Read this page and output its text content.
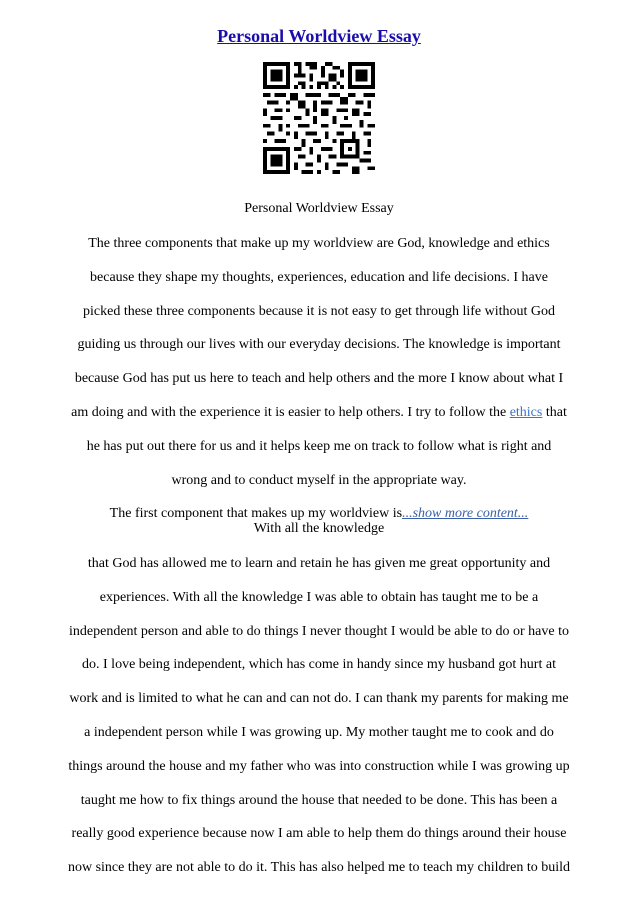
Personal Worldview Essay
Personal Worldview Essay
The three components that make up my worldview are God, knowledge and ethics
because they shape my thoughts, experiences, education and life decisions. I have
picked these three components because it is not easy to get through life without God
guiding us through our lives with our everyday decisions. The knowledge is important
because God has put us here to teach and help others and the more I know about what I
am doing and with the experience it is easier to help others. I try to follow the ethics that
he has put out there for us and it helps keep me on track to follow what is right and
wrong and to conduct myself in the appropriate way.
The first component that makes up my worldview is...show more content...
With all the knowledge
that God has allowed me to learn and retain he has given me great opportunity and
experiences. With all the knowledge I was able to obtain has taught me to be a
independent person and able to do things I never thought I would be able to do or have to
do. I love being independent, which has come in handy since my husband got hurt at
work and is limited to what he can and can not do. I can thank my parents for making me
a independent person while I was growing up. My mother taught me to cook and do
things around the house and my father who was into construction while I was growing up
taught me how to fix things around the house that needed to be done. This has been a
really good experience because now I am able to help them do things around their house
now since they are not able to do it. This has also helped me to teach my children to build
